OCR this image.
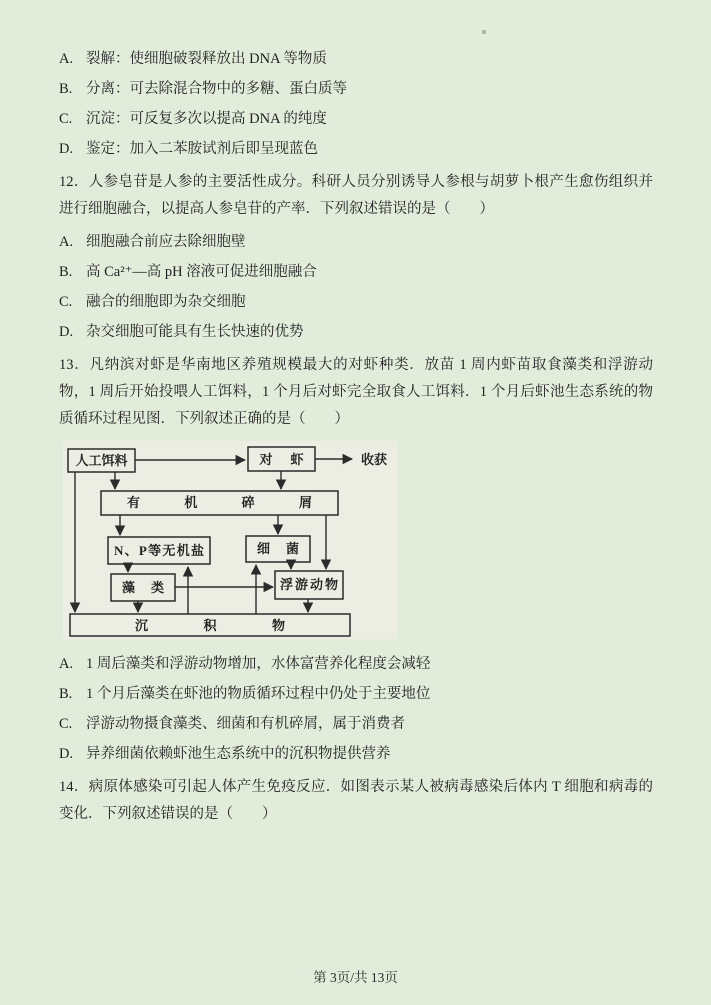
A. 裂解：使细胞破裂释放出 DNA 等物质

B. 分离：可去除混合物中的多糖、蛋白质等

C. 沉淀：可反复多次以提高 DNA 的纯度

D. 鉴定：加入二苯胺试剂后即呈现蓝色

12．人参皂苷是人参的主要活性成分。科研人员分别诱导人参根与胡萝卜根产生愈伤组织并进行细胞融合，以提高人参皂苷的产率．下列叙述错误的是（　　）

A. 细胞融合前应去除细胞壁

B. 高 Ca²⁺—高 pH 溶液可促进细胞融合

C. 融合的细胞即为杂交细胞

D. 杂交细胞可能具有生长快速的优势

13．凡纳滨对虾是华南地区养殖规模最大的对虾种类．放苗 1 周内虾苗取食藻类和浮游动物，1 周后开始投喂人工饵料，1 个月后对虾完全取食人工饵料．1 个月后虾池生态系统的物质循环过程见图．下列叙述正确的是（　　）

人工饵料	对虾	收获
有机碎屑
N、P等无机盐	细菌
藻类	浮游动物
沉积物

A. 1 周后藻类和浮游动物增加，水体富营养化程度会减轻

B. 1 个月后藻类在虾池的物质循环过程中仍处于主要地位

C. 浮游动物摄食藻类、细菌和有机碎屑，属于消费者

D. 异养细菌依赖虾池生态系统中的沉积物提供营养

14．病原体感染可引起人体产生免疫反应．如图表示某人被病毒感染后体内 T 细胞和病毒的变化．下列叙述错误的是（　　）

第 3页/共 13页
